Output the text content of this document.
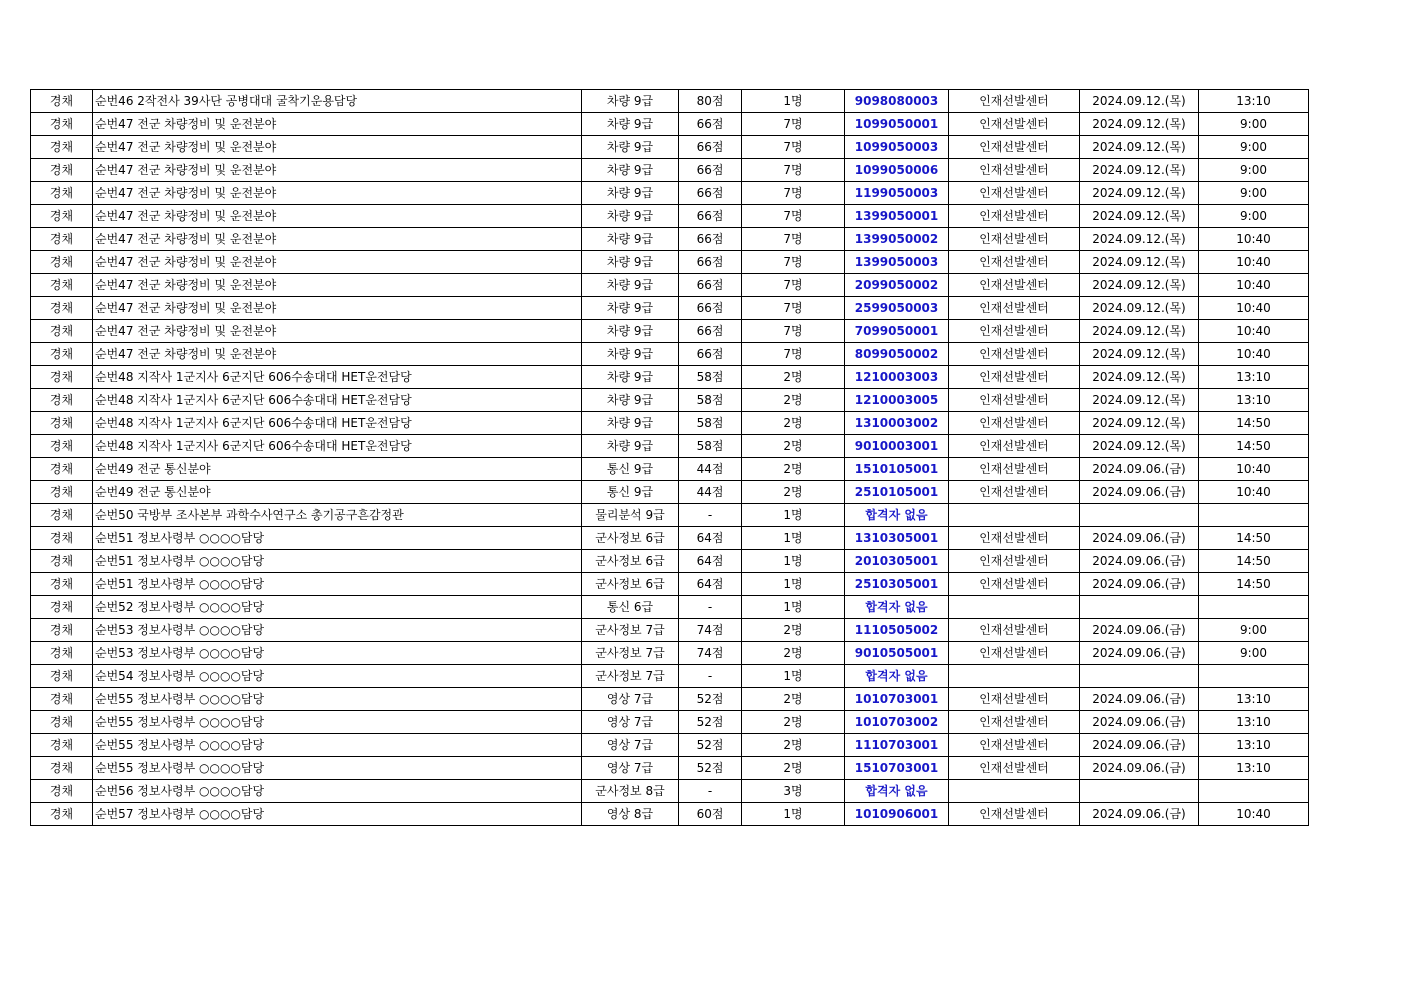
경채	순번46 2작전사 39사단 공병대대 굴착기운용담당	차량 9급	80점	1명	9098080003	인재선발센터	2024.09.12.(목)	13:10
경채	순번47 전군 차량정비 및 운전분야	차량 9급	66점	7명	1099050001	인재선발센터	2024.09.12.(목)	9:00
경채	순번47 전군 차량정비 및 운전분야	차량 9급	66점	7명	1099050003	인재선발센터	2024.09.12.(목)	9:00
경채	순번47 전군 차량정비 및 운전분야	차량 9급	66점	7명	1099050006	인재선발센터	2024.09.12.(목)	9:00
경채	순번47 전군 차량정비 및 운전분야	차량 9급	66점	7명	1199050003	인재선발센터	2024.09.12.(목)	9:00
경채	순번47 전군 차량정비 및 운전분야	차량 9급	66점	7명	1399050001	인재선발센터	2024.09.12.(목)	9:00
경채	순번47 전군 차량정비 및 운전분야	차량 9급	66점	7명	1399050002	인재선발센터	2024.09.12.(목)	10:40
경채	순번47 전군 차량정비 및 운전분야	차량 9급	66점	7명	1399050003	인재선발센터	2024.09.12.(목)	10:40
경채	순번47 전군 차량정비 및 운전분야	차량 9급	66점	7명	2099050002	인재선발센터	2024.09.12.(목)	10:40
경채	순번47 전군 차량정비 및 운전분야	차량 9급	66점	7명	2599050003	인재선발센터	2024.09.12.(목)	10:40
경채	순번47 전군 차량정비 및 운전분야	차량 9급	66점	7명	7099050001	인재선발센터	2024.09.12.(목)	10:40
경채	순번47 전군 차량정비 및 운전분야	차량 9급	66점	7명	8099050002	인재선발센터	2024.09.12.(목)	10:40
경채	순번48 지작사 1군지사 6군지단 606수송대대 HET운전담당	차량 9급	58점	2명	1210003003	인재선발센터	2024.09.12.(목)	13:10
경채	순번48 지작사 1군지사 6군지단 606수송대대 HET운전담당	차량 9급	58점	2명	1210003005	인재선발센터	2024.09.12.(목)	13:10
경채	순번48 지작사 1군지사 6군지단 606수송대대 HET운전담당	차량 9급	58점	2명	1310003002	인재선발센터	2024.09.12.(목)	14:50
경채	순번48 지작사 1군지사 6군지단 606수송대대 HET운전담당	차량 9급	58점	2명	9010003001	인재선발센터	2024.09.12.(목)	14:50
경채	순번49 전군 통신분야	통신 9급	44점	2명	1510105001	인재선발센터	2024.09.06.(금)	10:40
경채	순번49 전군 통신분야	통신 9급	44점	2명	2510105001	인재선발센터	2024.09.06.(금)	10:40
경채	순번50 국방부 조사본부 과학수사연구소 총기공구흔감정관	물리분석 9급	-	1명	합격자 없음			
경채	순번51 정보사령부 ○○○○담당	군사정보 6급	64점	1명	1310305001	인재선발센터	2024.09.06.(금)	14:50
경채	순번51 정보사령부 ○○○○담당	군사정보 6급	64점	1명	2010305001	인재선발센터	2024.09.06.(금)	14:50
경채	순번51 정보사령부 ○○○○담당	군사정보 6급	64점	1명	2510305001	인재선발센터	2024.09.06.(금)	14:50
경채	순번52 정보사령부 ○○○○담당	통신 6급	-	1명	합격자 없음			
경채	순번53 정보사령부 ○○○○담당	군사정보 7급	74점	2명	1110505002	인재선발센터	2024.09.06.(금)	9:00
경채	순번53 정보사령부 ○○○○담당	군사정보 7급	74점	2명	9010505001	인재선발센터	2024.09.06.(금)	9:00
경채	순번54 정보사령부 ○○○○담당	군사정보 7급	-	1명	합격자 없음			
경채	순번55 정보사령부 ○○○○담당	영상 7급	52점	2명	1010703001	인재선발센터	2024.09.06.(금)	13:10
경채	순번55 정보사령부 ○○○○담당	영상 7급	52점	2명	1010703002	인재선발센터	2024.09.06.(금)	13:10
경채	순번55 정보사령부 ○○○○담당	영상 7급	52점	2명	1110703001	인재선발센터	2024.09.06.(금)	13:10
경채	순번55 정보사령부 ○○○○담당	영상 7급	52점	2명	1510703001	인재선발센터	2024.09.06.(금)	13:10
경채	순번56 정보사령부 ○○○○담당	군사정보 8급	-	3명	합격자 없음			
경채	순번57 정보사령부 ○○○○담당	영상 8급	60점	1명	1010906001	인재선발센터	2024.09.06.(금)	10:40
